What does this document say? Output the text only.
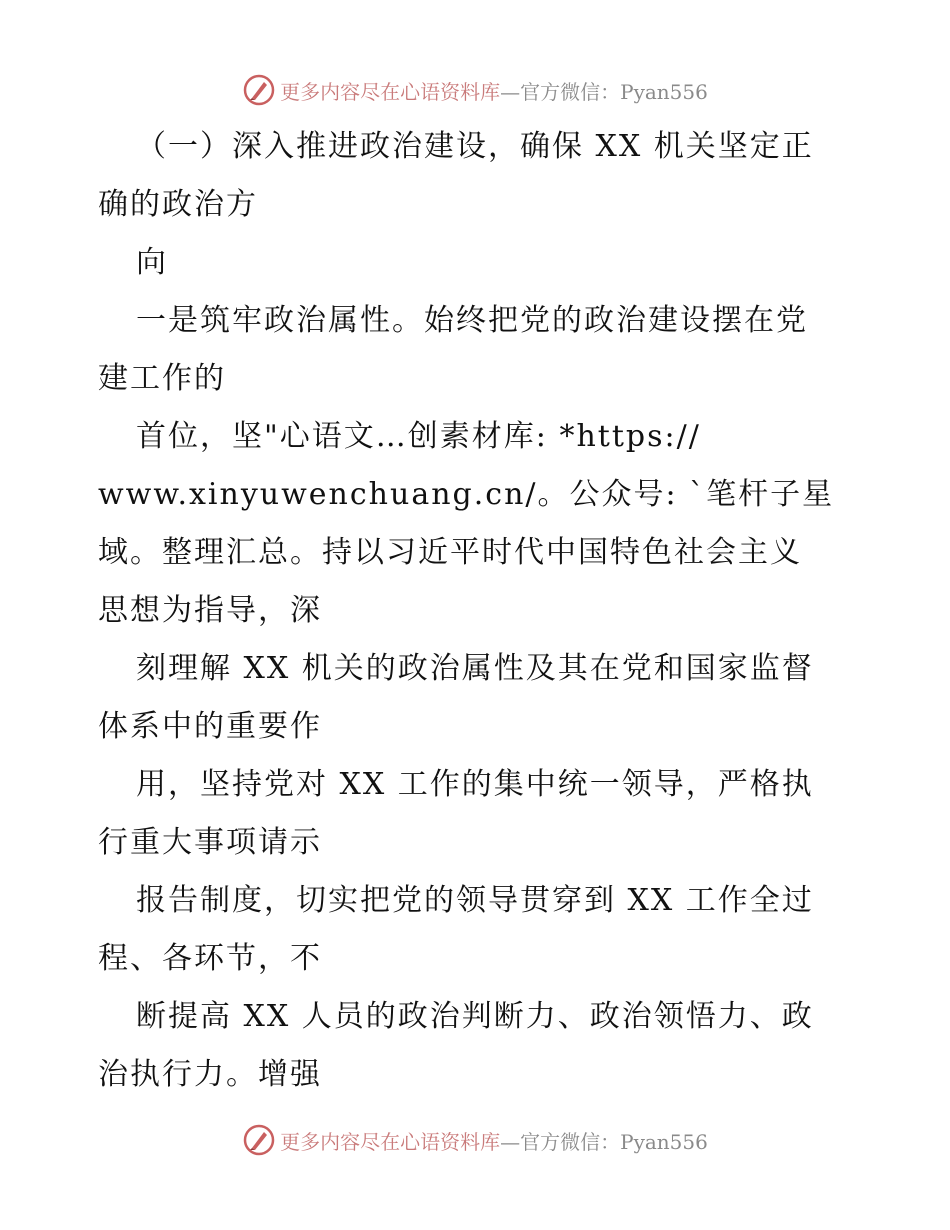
更多内容尽在心语资料库—官方微信：Pyan556
（一）深入推进政治建设，确保 XX 机关坚定正
确的政治方
向
一是筑牢政治属性。始终把党的政治建设摆在党
建工作的
首位，坚"心语文…创素材库: *https://
www.xinyuwenchuang.cn/。公众号: `笔杆子星
域。整理汇总。持以习近平时代中国特色社会主义
思想为指导，深
刻理解 XX 机关的政治属性及其在党和国家监督
体系中的重要作
用，坚持党对 XX 工作的集中统一领导，严格执
行重大事项请示
报告制度，切实把党的领导贯穿到 XX 工作全过
程、各环节，不
断提高 XX 人员的政治判断力、政治领悟力、政
治执行力。增强
更多内容尽在心语资料库—官方微信：Pyan556
